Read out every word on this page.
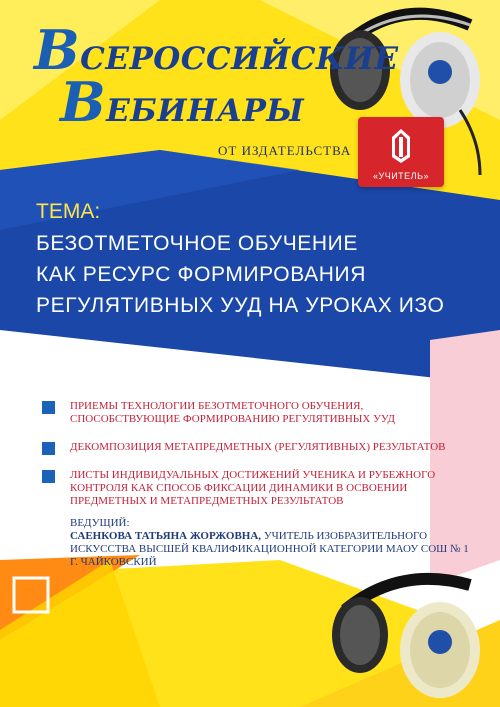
ВСЕРОССИЙСКИЕ
ВЕБИНАРЫ
ОТ ИЗДАТЕЛЬСТВА
«УЧИТЕЛЬ»
ТЕМА:
БЕЗОТМЕТОЧНОЕ ОБУЧЕНИЕ
КАК РЕСУРС ФОРМИРОВАНИЯ
РЕГУЛЯТИВНЫХ УУД НА УРОКАХ ИЗО
ПРИЕМЫ ТЕХНОЛОГИИ БЕЗОТМЕТОЧНОГО ОБУЧЕНИЯ, СПОСОБСТВУЮЩИЕ ФОРМИРОВАНИЮ РЕГУЛЯТИВНЫХ УУД
ДЕКОМПОЗИЦИЯ МЕТАПРЕДМЕТНЫХ (РЕГУЛЯТИВНЫХ) РЕЗУЛЬТАТОВ
ЛИСТЫ ИНДИВИДУАЛЬНЫХ ДОСТИЖЕНИЙ УЧЕНИКА И РУБЕЖНОГО КОНТРОЛЯ КАК СПОСОБ ФИКСАЦИИ ДИНАМИКИ В ОСВОЕНИИ ПРЕДМЕТНЫХ И МЕТАПРЕДМЕТНЫХ РЕЗУЛЬТАТОВ
ВЕДУЩИЙ:
САЕНКОВА ТАТЬЯНА ЖОРЖОВНА, УЧИТЕЛЬ ИЗОБРАЗИТЕЛЬНОГО ИСКУССТВА ВЫСШЕЙ КВАЛИФИКАЦИОННОЙ КАТЕГОРИИ МАОУ СОШ № 1 Г. ЧАЙКОВСКИЙ
